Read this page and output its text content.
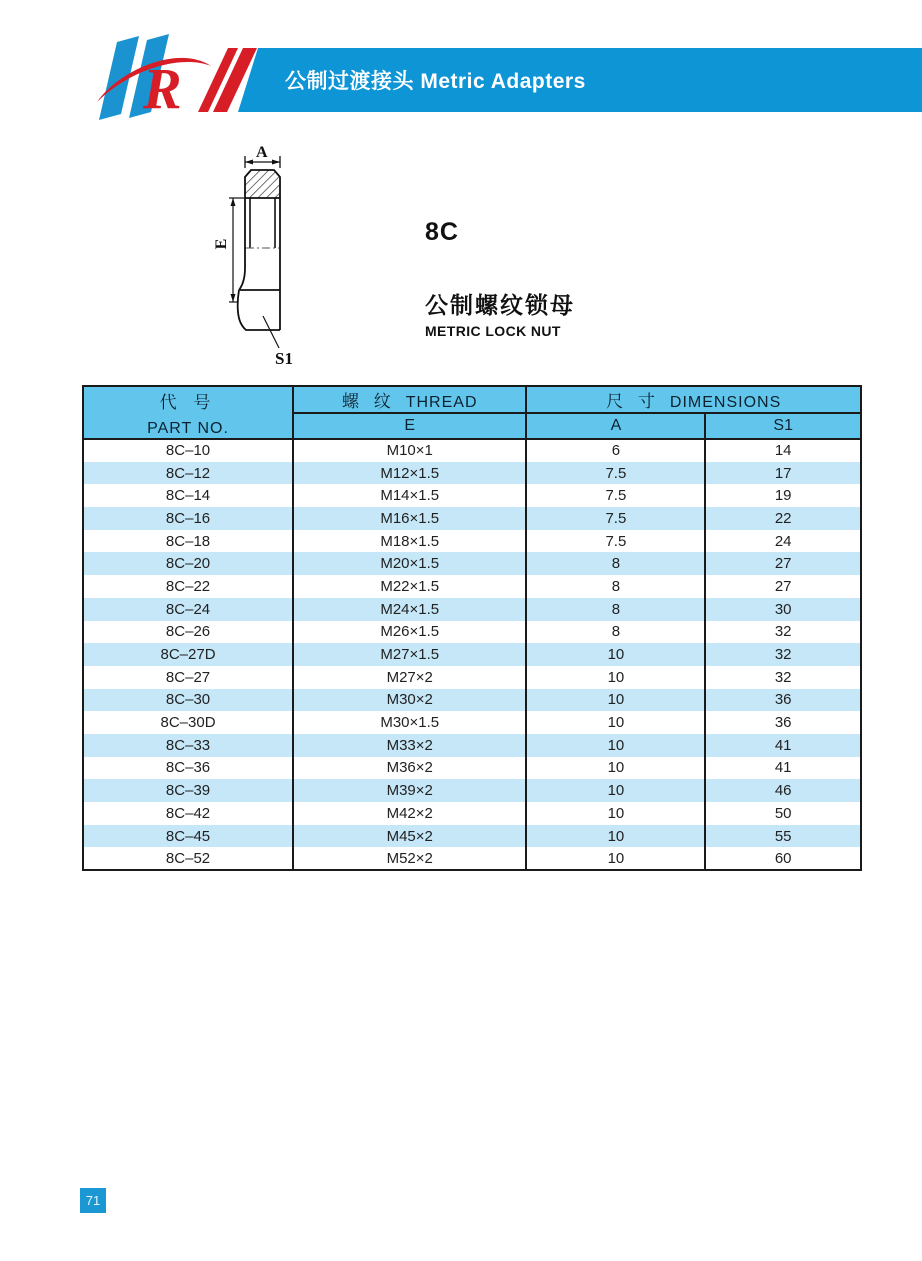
公制过渡接头 Metric Adapters
R
A
E
S1
8C
公制螺纹锁母
METRIC LOCK NUT
代 号
PART NO.	螺 纹 THREAD	尺 寸 DIMENSIONS	
	E	A	S1
8C–10	M10×1	6	14
8C–12	M12×1.5	7.5	17
8C–14	M14×1.5	7.5	19
8C–16	M16×1.5	7.5	22
8C–18	M18×1.5	7.5	24
8C–20	M20×1.5	8	27
8C–22	M22×1.5	8	27
8C–24	M24×1.5	8	30
8C–26	M26×1.5	8	32
8C–27D	M27×1.5	10	32
8C–27	M27×2	10	32
8C–30	M30×2	10	36
8C–30D	M30×1.5	10	36
8C–33	M33×2	10	41
8C–36	M36×2	10	41
8C–39	M39×2	10	46
8C–42	M42×2	10	50
8C–45	M45×2	10	55
8C–52	M52×2	10	60
71
